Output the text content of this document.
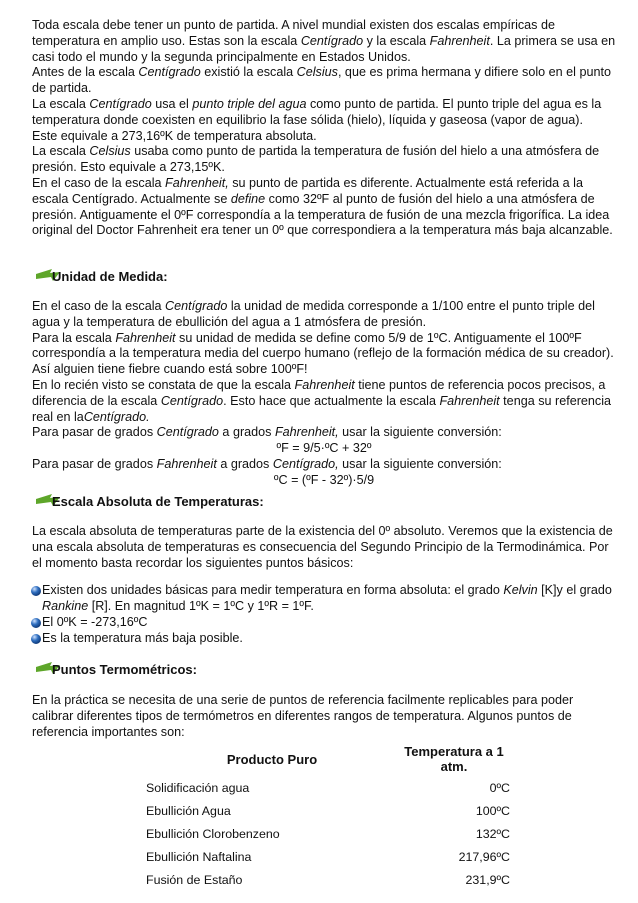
Toda escala debe tener un punto de partida. A nivel mundial existen dos escalas empíricas de temperatura en amplio uso. Estas son la escala Centígrado y la escala Fahrenheit. La primera se usa en casi todo el mundo y la segunda principalmente en Estados Unidos.

Antes de la escala Centígrado existió la escala Celsius, que es prima hermana y difiere solo en el punto de partida.

La escala Centígrado usa el punto triple del agua como punto de partida. El punto triple del agua es la temperatura donde coexisten en equilibrio la fase sólida (hielo), líquida y gaseosa (vapor de agua).

Este equivale a 273,16ºK de temperatura absoluta.

La escala Celsius usaba como punto de partida la temperatura de fusión del hielo a una atmósfera de presión. Esto equivale a 273,15ºK.

En el caso de la escala Fahrenheit, su punto de partida es diferente. Actualmente está referida a la escala Centígrado. Actualmente se define como 32ºF al punto de fusión del hielo a una atmósfera de presión. Antiguamente el 0ºF correspondía a la temperatura de fusión de una mezcla frigorífica. La idea original del Doctor Fahrenheit era tener un 0º que correspondiera a la temperatura más baja alcanzable.

Unidad de Medida:

En el caso de la escala Centígrado la unidad de medida corresponde a 1/100 entre el punto triple del agua y la temperatura de ebullición del agua a 1 atmósfera de presión.

Para la escala Fahrenheit su unidad de medida se define como 5/9 de 1ºC. Antiguamente el 100ºF correspondía a la temperatura media del cuerpo humano (reflejo de la formación médica de su creador). Así alguien tiene fiebre cuando está sobre 100ºF!

En lo recién visto se constata de que la escala Fahrenheit tiene puntos de referencia pocos precisos, a diferencia de la escala Centígrado. Esto hace que actualmente la escala Fahrenheit tenga su referencia real en laCentígrado.

Para pasar de grados Centígrado a grados Fahrenheit, usar la siguiente conversión:

ºF = 9/5·ºC + 32º

Para pasar de grados Fahrenheit a grados Centígrado, usar la siguiente conversión:

ºC = (ºF - 32º)·5/9

Escala Absoluta de Temperaturas:

La escala absoluta de temperaturas parte de la existencia del 0º absoluto. Veremos que la existencia de una escala absoluta de temperaturas es consecuencia del Segundo Principio de la Termodinámica. Por el momento basta recordar los siguientes puntos básicos:

Existen dos unidades básicas para medir temperatura en forma absoluta: el grado Kelvin [K]y el grado Rankine [R]. En magnitud 1ºK = 1ºC y 1ºR = 1ºF.

El 0ºK = -273,16ºC

Es la temperatura más baja posible.

Puntos Termométricos:

En la práctica se necesita de una serie de puntos de referencia facilmente replicables para poder calibrar diferentes tipos de termómetros en diferentes rangos de temperatura. Algunos puntos de referencia importantes son:

Producto Puro	Temperatura a 1 atm.
Solidificación agua	0ºC
Ebullición Agua	100ºC
Ebullición Clorobenzeno	132ºC
Ebullición Naftalina	217,96ºC
Fusión de Estaño	231,9ºC
